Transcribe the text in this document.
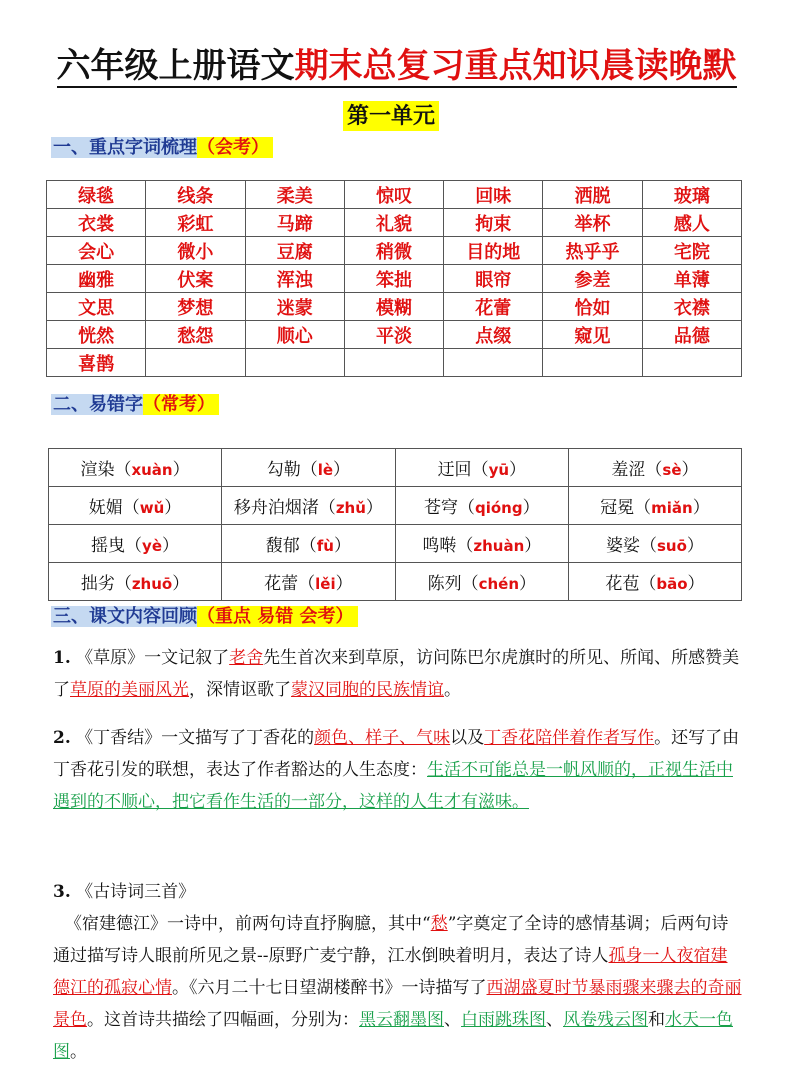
六年级上册语文期末总复习重点知识晨读晚默
第一单元
一、重点字词梳理（会考）
绿毯	线条	柔美	惊叹	回味	洒脱	玻璃
衣裳	彩虹	马蹄	礼貌	拘束	举杯	感人
会心	微小	豆腐	稍微	目的地	热乎乎	宅院
幽雅	伏案	浑浊	笨拙	眼帘	参差	单薄
文思	梦想	迷蒙	模糊	花蕾	恰如	衣襟
恍然	愁怨	顺心	平淡	点缀	窥见	品德
喜鹊						
二、易错字（常考）
渲染（xuàn）	勾勒（lè）	迂回（yū）	羞涩（sè）
妩媚（wǔ）	移舟泊烟渚（zhǔ）	苍穹（qióng）	冠冕（miǎn）
摇曳（yè）	馥郁（fù）	鸣啭（zhuàn）	婆娑（suō）
拙劣（zhuō）	花蕾（lěi）	陈列（chén）	花苞（bāo）
三、课文内容回顾（重点 易错 会考）
1. 《草原》一文记叙了老舍先生首次来到草原，访问陈巴尔虎旗时的所见、所闻、所感赞美了草原的美丽风光，深情讴歌了蒙汉同胞的民族情谊。
2. 《丁香结》一文描写了丁香花的颜色、样子、气味以及丁香花陪伴着作者写作。还写了由丁香花引发的联想，表达了作者豁达的人生态度：生活不可能总是一帆风顺的，正视生活中遇到的不顺心，把它看作生活的一部分，这样的人生才有滋味。
3. 《古诗词三首》
《宿建德江》一诗中，前两句诗直抒胸臆，其中“愁”字奠定了全诗的感情基调；后两句诗通过描写诗人眼前所见之景--原野广麦宁静，江水倒映着明月，表达了诗人孤身一人夜宿建德江的孤寂心情。《六月二十七日望湖楼醉书》一诗描写了西湖盛夏时节暴雨骤来骤去的奇丽景色。这首诗共描绘了四幅画，分别为：黑云翻墨图、白雨跳珠图、风卷残云图和水天一色图。
